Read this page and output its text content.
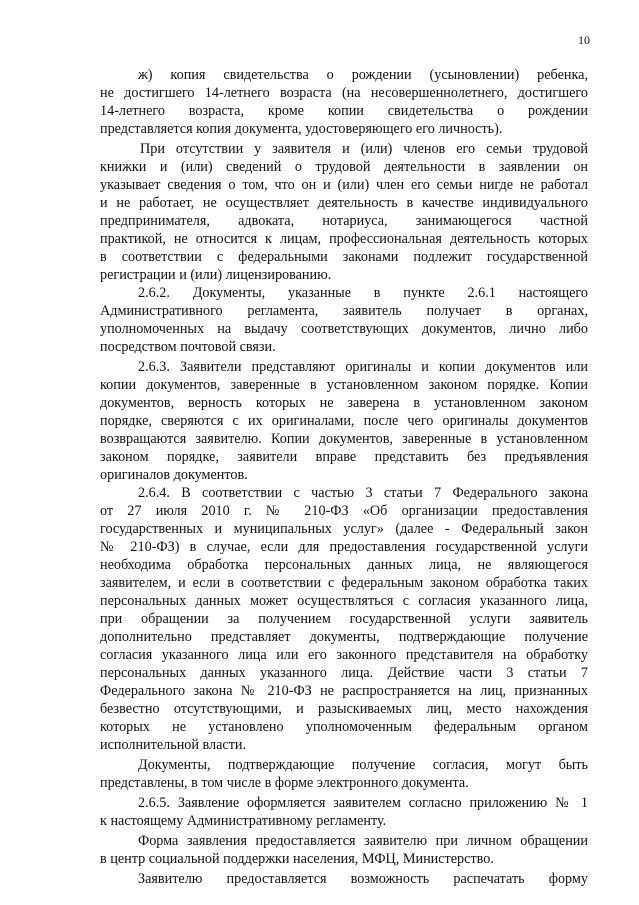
10
ж) копия свидетельства о рождении (усыновлении) ребенка,
не достигшего 14-летнего возраста (на несовершеннолетнего, достигшего
14-летнего возраста, кроме копии свидетельства о рождении
представляется копия документа, удостоверяющего его личность).
При отсутствии у заявителя и (или) членов его семьи трудовой
книжки и (или) сведений о трудовой деятельности в заявлении он
указывает сведения о том, что он и (или) член его семьи нигде не работал
и не работает, не осуществляет деятельность в качестве индивидуального
предпринимателя, адвоката, нотариуса, занимающегося частной
практикой, не относится к лицам, профессиональная деятельность которых
в соответствии с федеральными законами подлежит государственной
регистрации и (или) лицензированию.
2.6.2. Документы, указанные в пункте 2.6.1 настоящего
Административного регламента, заявитель получает в органах,
уполномоченных на выдачу соответствующих документов, лично либо
посредством почтовой связи.
2.6.3. Заявители представляют оригиналы и копии документов или
копии документов, заверенные в установленном законом порядке. Копии
документов, верность которых не заверена в установленном законом
порядке, сверяются с их оригиналами, после чего оригиналы документов
возвращаются заявителю. Копии документов, заверенные в установленном
законом порядке, заявители вправе представить без предъявления
оригиналов документов.
2.6.4. В соответствии с частью 3 статьи 7 Федерального закона
от 27 июля 2010 г. № 210-ФЗ «Об организации предоставления
государственных и муниципальных услуг» (далее - Федеральный закон
№ 210-ФЗ) в случае, если для предоставления государственной услуги
необходима обработка персональных данных лица, не являющегося
заявителем, и если в соответствии с федеральным законом обработка таких
персональных данных может осуществляться с согласия указанного лица,
при обращении за получением государственной услуги заявитель
дополнительно представляет документы, подтверждающие получение
согласия указанного лица или его законного представителя на обработку
персональных данных указанного лица. Действие части 3 статьи 7
Федерального закона № 210-ФЗ не распространяется на лиц, признанных
безвестно отсутствующими, и разыскиваемых лиц, место нахождения
которых не установлено уполномоченным федеральным органом
исполнительной власти.
Документы, подтверждающие получение согласия, могут быть
представлены, в том числе в форме электронного документа.
2.6.5. Заявление оформляется заявителем согласно приложению № 1
к настоящему Административному регламенту.
Форма заявления предоставляется заявителю при личном обращении
в центр социальной поддержки населения, МФЦ, Министерство.
Заявителю предоставляется возможность распечатать форму
